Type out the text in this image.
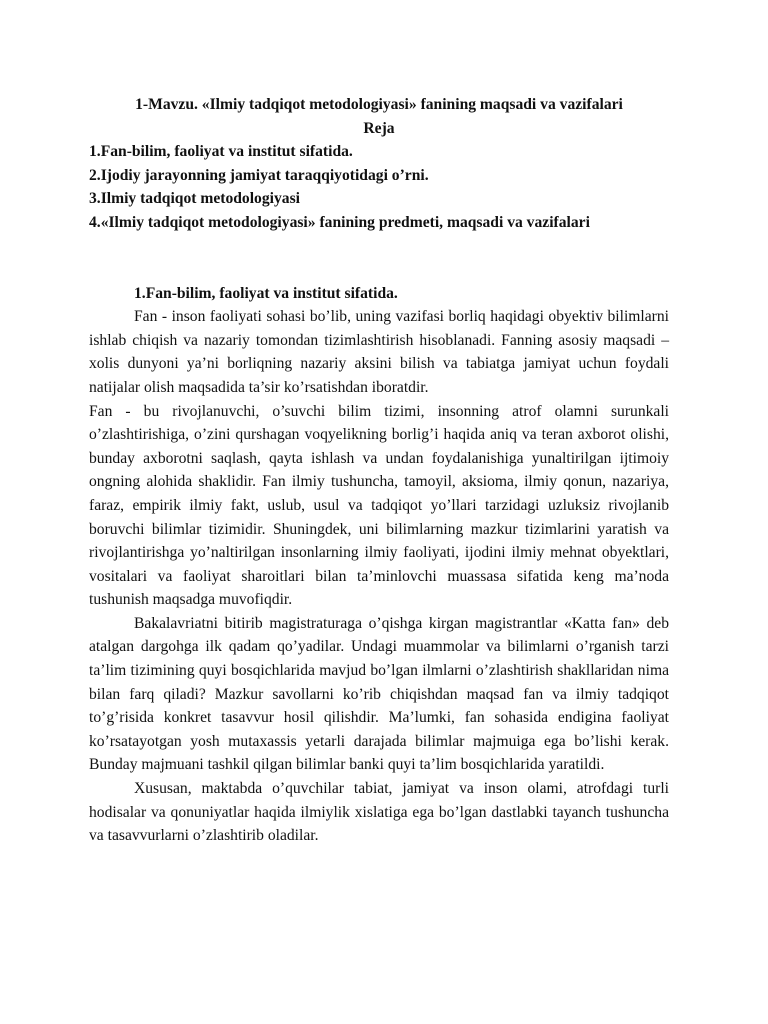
1-Mavzu. «Ilmiy tadqiqot metodologiyasi» fanining maqsadi va vazifalari

Reja

1.Fan-bilim, faoliyat va institut sifatida.
2.Ijodiy jarayonning jamiyat taraqqiyotidagi o’rni.
3.Ilmiy tadqiqot metodologiyasi
4.«Ilmiy tadqiqot metodologiyasi» fanining predmeti, maqsadi va vazifalari

1.Fan-bilim, faoliyat va institut sifatida.

Fan - inson faoliyati sohasi bo’lib, uning vazifasi borliq haqidagi obyektiv bilimlarni ishlab chiqish va nazariy tomondan tizimlashtirish hisoblanadi. Fanning asosiy maqsadi –xolis dunyoni ya’ni borliqning nazariy aksini bilish va tabiatga jamiyat uchun foydali natijalar olish maqsadida ta’sir ko’rsatishdan iboratdir.

Fan - bu rivojlanuvchi, o’suvchi bilim tizimi, insonning atrof olamni surunkali o’zlashtirishiga, o’zini qurshagan voqyelikning borlig’i haqida aniq va teran axborot olishi, bunday axborotni saqlash, qayta ishlash va undan foydalanishiga yunaltirilgan ijtimoiy ongning alohida shaklidir. Fan ilmiy tushuncha, tamoyil, aksioma, ilmiy qonun, nazariya, faraz, empirik ilmiy fakt, uslub, usul va tadqiqot yo’llari tarzidagi uzluksiz rivojlanib boruvchi bilimlar tizimidir. Shuningdek, uni bilimlarning mazkur tizimlarini yaratish va rivojlantirishga yo’naltirilgan insonlarning ilmiy faoliyati, ijodini ilmiy mehnat obyektlari, vositalari va faoliyat sharoitlari bilan ta’minlovchi muassasa sifatida keng ma’noda tushunish maqsadga muvofiqdir.

Bakalavriatni bitirib magistraturaga o’qishga kirgan magistrantlar «Katta fan» deb atalgan dargohga ilk qadam qo’yadilar. Undagi muammolar va bilimlarni o’rganish tarzi ta’lim tizimining quyi bosqichlarida mavjud bo’lgan ilmlarni o’zlashtirish shakllaridan nima bilan farq qiladi? Mazkur savollarni ko’rib chiqishdan maqsad fan va ilmiy tadqiqot to’g’risida konkret tasavvur hosil qilishdir. Ma’lumki, fan sohasida endigina faoliyat ko’rsatayotgan yosh mutaxassis yetarli darajada bilimlar majmuiga ega bo’lishi kerak. Bunday majmuani tashkil qilgan bilimlar banki quyi ta’lim bosqichlarida yaratildi.

Xususan, maktabda o’quvchilar tabiat, jamiyat va inson olami, atrofdagi turli hodisalar va qonuniyatlar haqida ilmiylik xislatiga ega bo’lgan dastlabki tayanch tushuncha va tasavvurlarni o’zlashtirib oladilar.
